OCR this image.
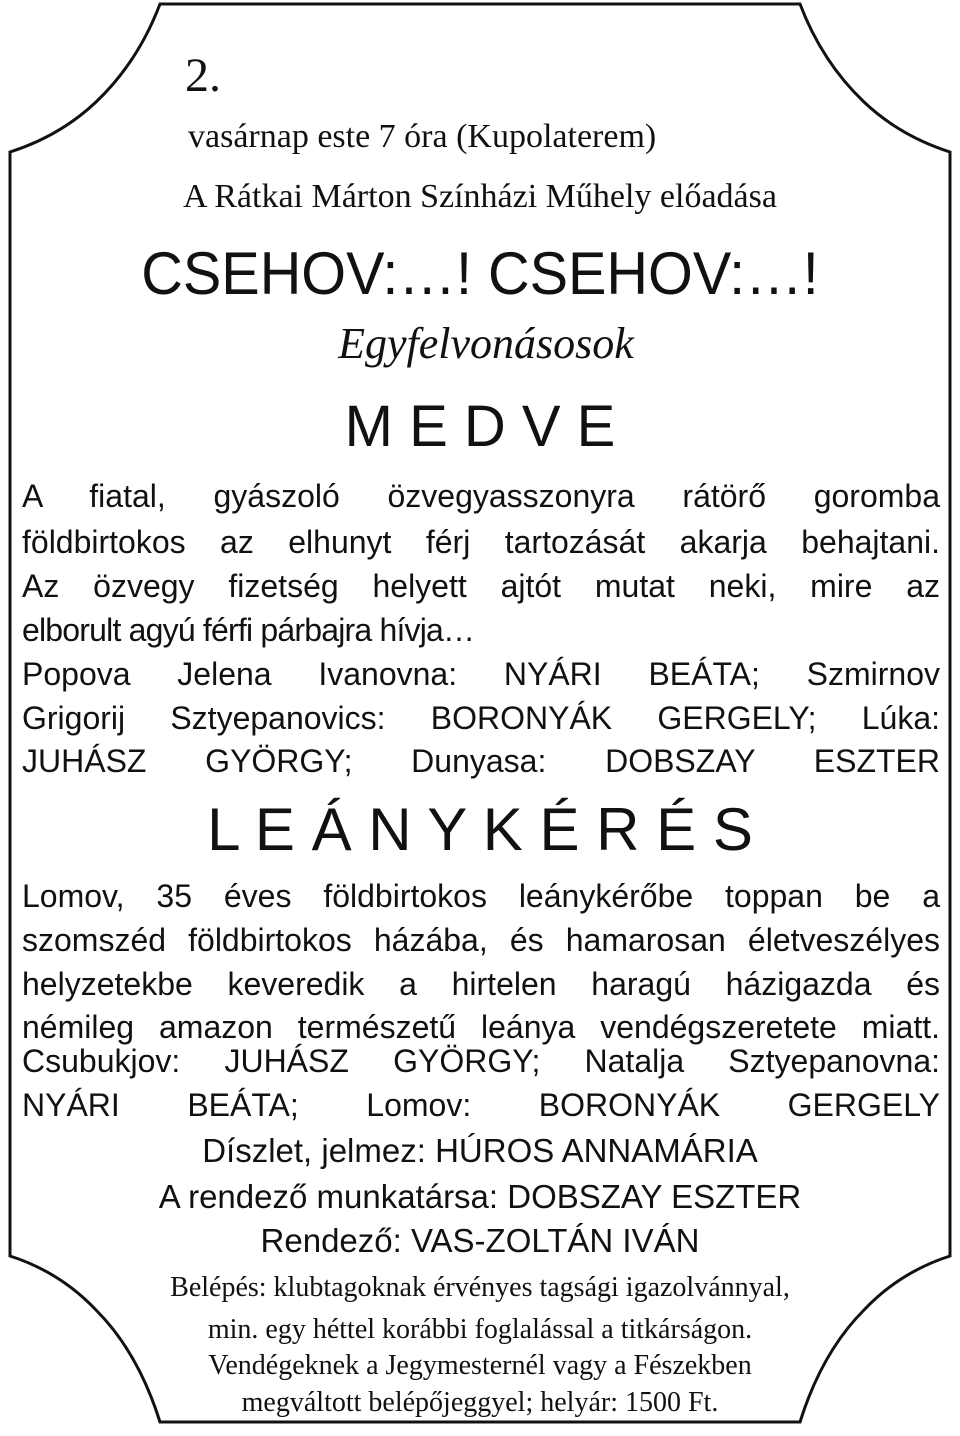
2.
vasárnap este 7 óra (Kupolaterem)
A Rátkai Márton Színházi Műhely előadása
CSEHOV:…! CSEHOV:…!
Egyfelvonásosok
M E D V E
A fiatal, gyászoló özvegyasszonyra rátörő goromba
földbirtokos az elhunyt férj tartozását akarja behajtani.
Az özvegy fizetség helyett ajtót mutat neki, mire az
elborult agyú férfi párbajra hívja…
Popova Jelena Ivanovna: NYÁRI BEÁTA; Szmirnov
Grigorij Sztyepanovics: BORONYÁK GERGELY; Lúka:
JUHÁSZ GYÖRGY; Dunyasa: DOBSZAY ESZTER
L E Á N Y K É R É S
Lomov, 35 éves földbirtokos leánykérőbe toppan be a
szomszéd földbirtokos házába, és hamarosan életveszélyes
helyzetekbe keveredik a hirtelen haragú házigazda és
némileg amazon természetű leánya vendégszeretete miatt.
Csubukjov: JUHÁSZ GYÖRGY; Natalja Sztyepanovna:
NYÁRI BEÁTA; Lomov: BORONYÁK GERGELY
Díszlet, jelmez: HÚROS ANNAMÁRIA
A rendező munkatársa: DOBSZAY ESZTER
Rendező: VAS-ZOLTÁN IVÁN
Belépés: klubtagoknak érvényes tagsági igazolvánnyal,
min. egy héttel korábbi foglalással a titkárságon.
Vendégeknek a Jegymesternél vagy a Fészekben
megváltott belépőjeggyel; helyár: 1500 Ft.
